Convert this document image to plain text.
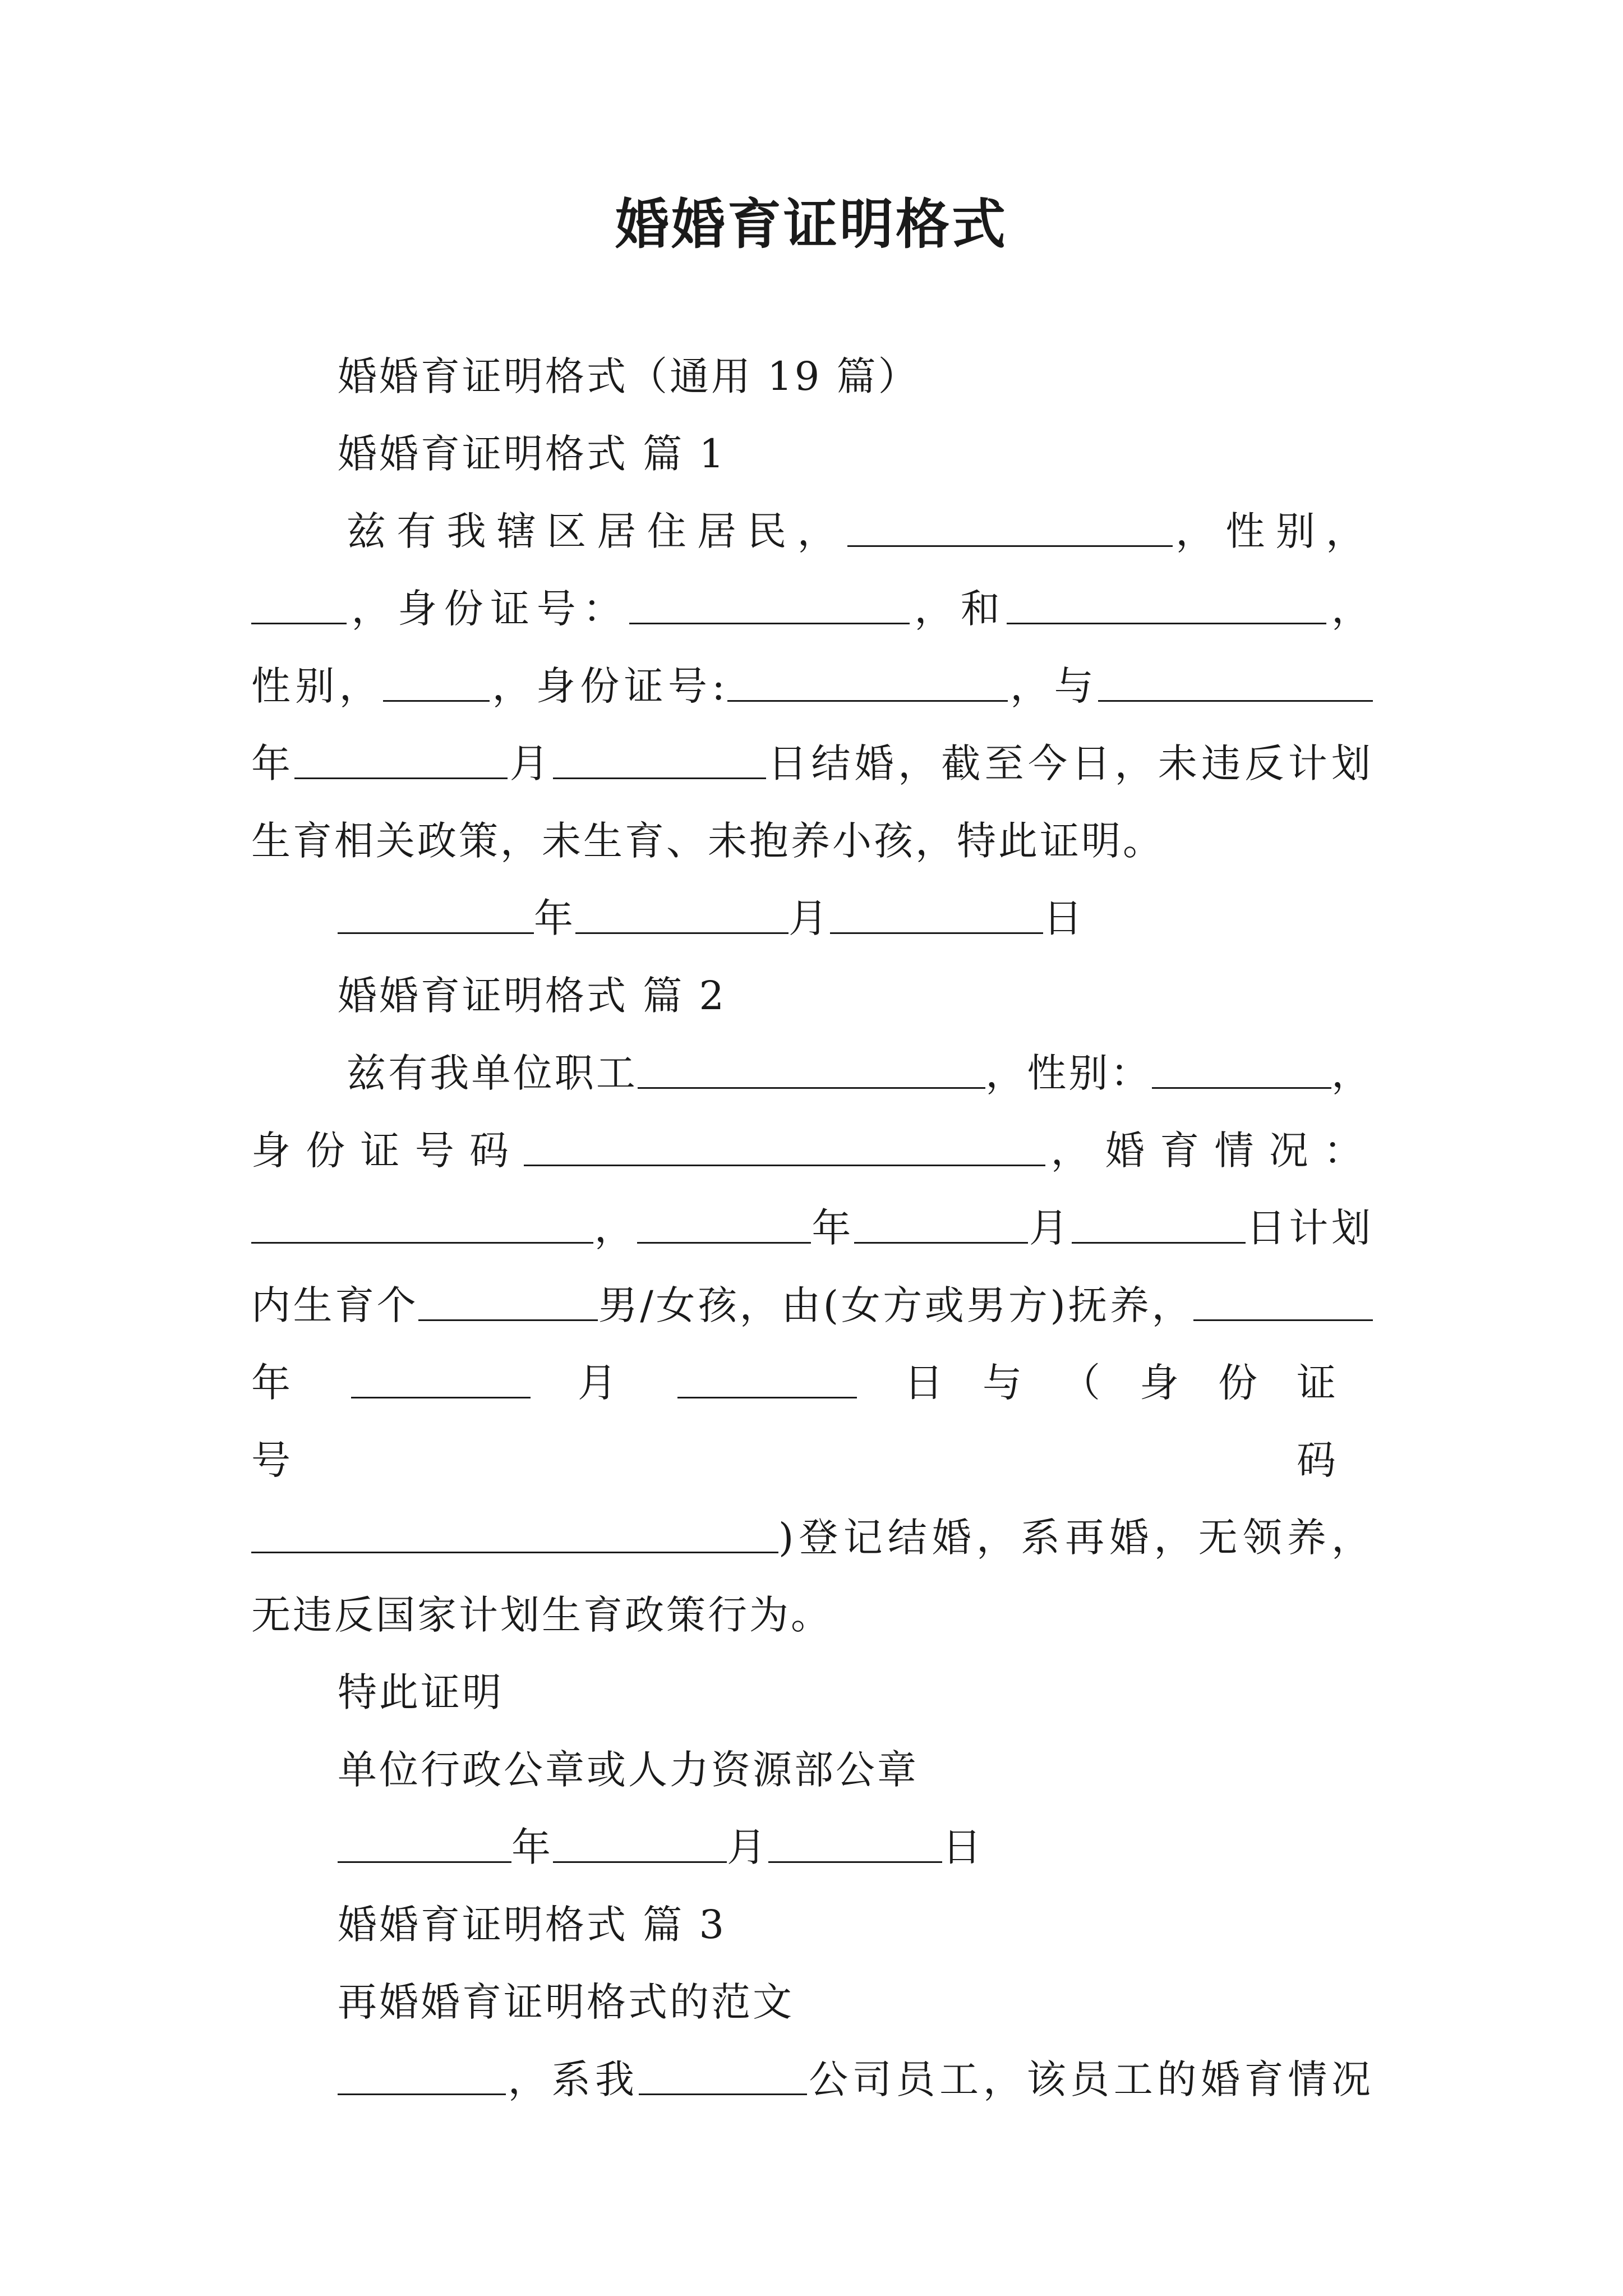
婚婚育证明格式

婚婚育证明格式（通用 19 篇）

婚婚育证明格式 篇 1

兹有我辖区居住居民，	，性别，

，身份证号：	，和	，

性别，	，身份证号:	，与

年	月	日结婚，截至今日，未违反计划

生育相关政策，未生育、未抱养小孩，特此证明。

年	月	日

婚婚育证明格式 篇 2

兹有我单位职工	，性别：	，

身份证号码	，婚育情况：

，	年	月	日计划

内生育个	男/女孩，由(女方或男方)抚养，

年	月	日与（身份证号码

)登记结婚，系再婚，无领养，

无违反国家计划生育政策行为。

特此证明

单位行政公章或人力资源部公章

年	月	日

婚婚育证明格式 篇 3

再婚婚育证明格式的范文

，系我	公司员工，该员工的婚育情况
